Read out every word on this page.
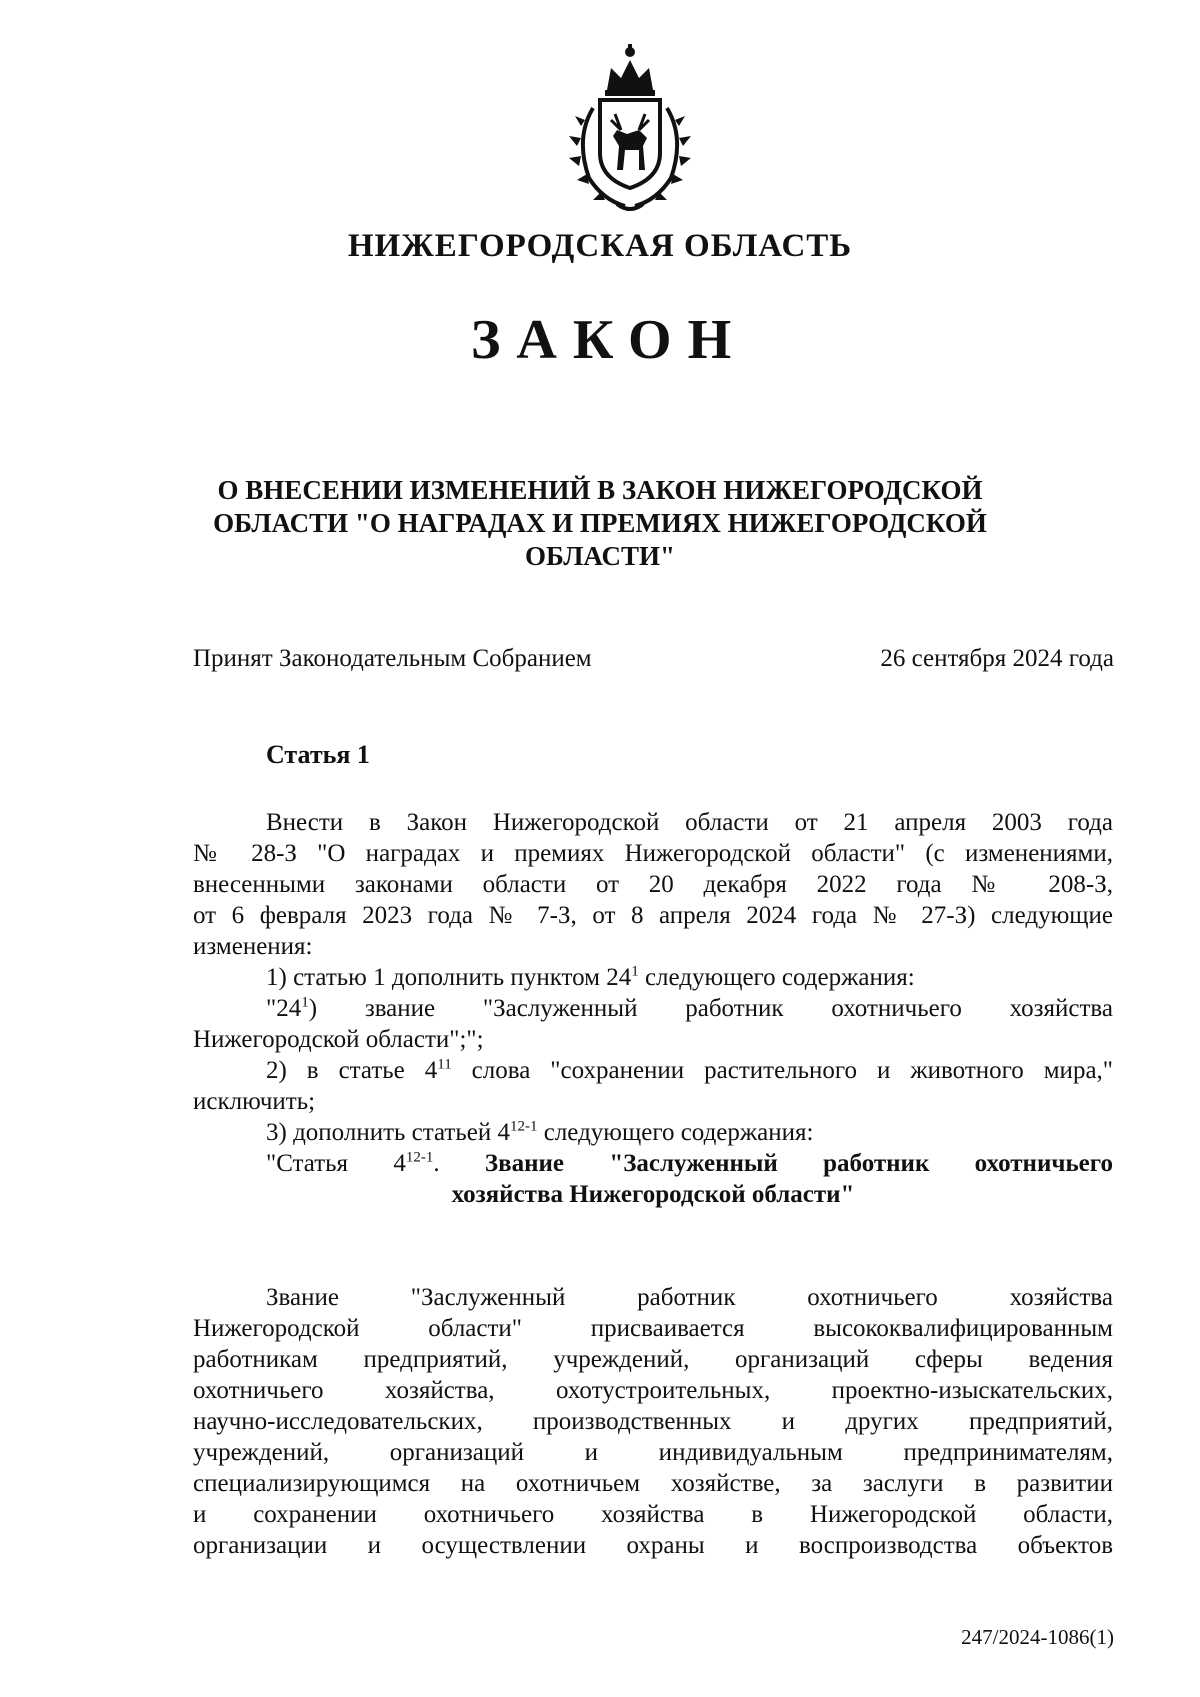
НИЖЕГОРОДСКАЯ ОБЛАСТЬ
ЗАКОН
О ВНЕСЕНИИ ИЗМЕНЕНИЙ В ЗАКОН НИЖЕГОРОДСКОЙ
ОБЛАСТИ "О НАГРАДАХ И ПРЕМИЯХ НИЖЕГОРОДСКОЙ
ОБЛАСТИ"
Принят Законодательным Собранием	26 сентября 2024 года
Статья 1
Внести в Закон Нижегородской области от 21 апреля 2003 года
№ 28-З "О наградах и премиях Нижегородской области" (с изменениями,
внесенными законами области от 20 декабря 2022 года № 208-З,
от 6 февраля 2023 года № 7-З, от 8 апреля 2024 года № 27-З) следующие
изменения:
1) статью 1 дополнить пунктом $24^1$ следующего содержания:
"$24^1$) звание "Заслуженный работник охотничьего хозяйства
Нижегородской области";";
2) в статье $4^{11}$ слова "сохранении растительного и животного мира,"
исключить;
3) дополнить статьей 4$^{12-1}$ следующего содержания:
"Статья 4$^{12-1}$. Звание "Заслуженный работник охотничьего
хозяйства Нижегородской области"
Звание "Заслуженный работник охотничьего хозяйства
Нижегородской области" присваивается высококвалифицированным
работникам предприятий, учреждений, организаций сферы ведения
охотничьего хозяйства, охотустроительных, проектно-изыскательских,
научно-исследовательских, производственных и других предприятий,
учреждений, организаций и индивидуальным предпринимателям,
специализирующимся на охотничьем хозяйстве, за заслуги в развитии
и сохранении охотничьего хозяйства в Нижегородской области,
организации и осуществлении охраны и воспроизводства объектов
247/2024-1086(1)
